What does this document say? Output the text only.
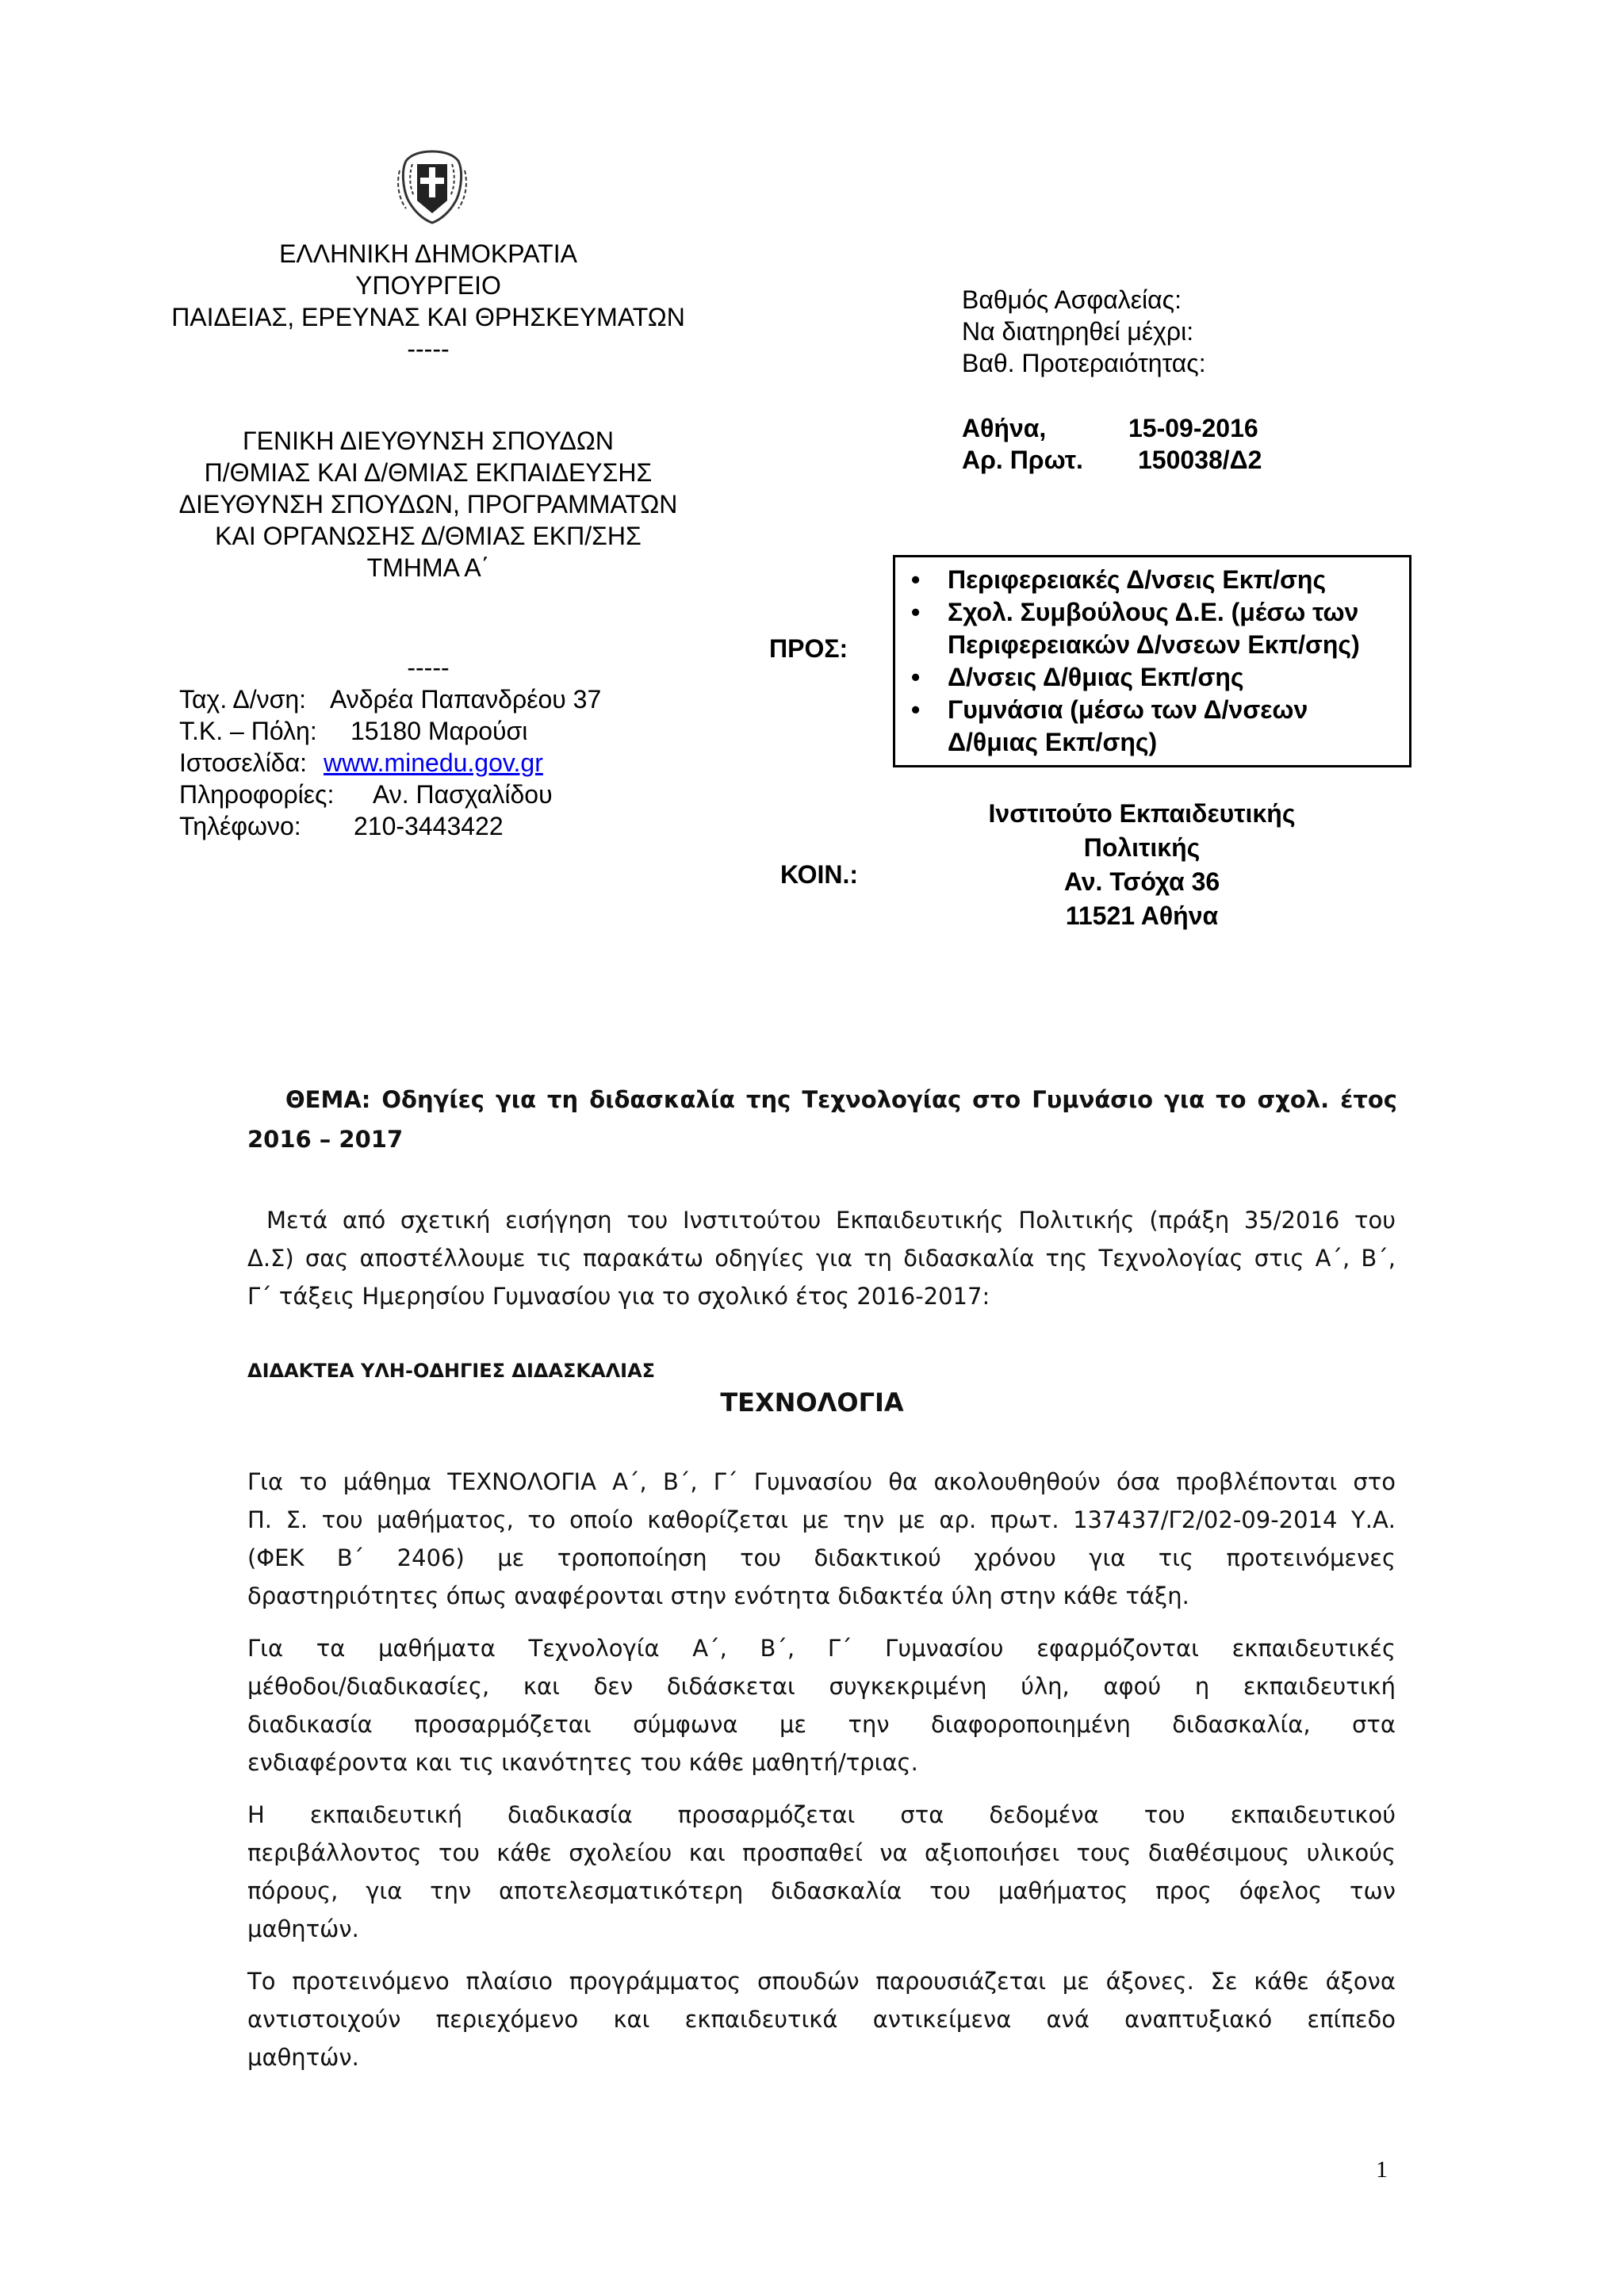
ΕΛΛΗΝΙΚΗ ΔΗΜΟΚΡΑΤΙΑ
ΥΠΟΥΡΓΕΙΟ
ΠΑΙΔΕΙΑΣ, ΕΡΕΥΝΑΣ ΚΑΙ ΘΡΗΣΚΕΥΜΑΤΩΝ
-----
ΓΕΝΙΚΗ ΔΙΕΥΘΥΝΣΗ ΣΠΟΥΔΩΝ
Π/ΘΜΙΑΣ ΚΑΙ Δ/ΘΜΙΑΣ ΕΚΠΑΙΔΕΥΣΗΣ
ΔΙΕΥΘΥΝΣΗ ΣΠΟΥΔΩΝ, ΠΡΟΓΡΑΜΜΑΤΩΝ
ΚΑΙ ΟΡΓΑΝΩΣΗΣ Δ/ΘΜΙΑΣ ΕΚΠ/ΣΗΣ
ΤΜΗΜΑ Α΄
-----
Ταχ. Δ/νση: Ανδρέα Παπανδρέου 37
Τ.Κ. – Πόλη: 15180 Μαρούσι
Ιστοσελίδα: www.minedu.gov.gr
Πληροφορίες: Αν. Πασχαλίδου
Τηλέφωνο: 210-3443422
Βαθμός Ασφαλείας:
Να διατηρηθεί μέχρι:
Βαθ. Προτεραιότητας:
Αθήνα,	15-09-2016
Αρ. Πρωτ. 150038/Δ2
ΠΡΟΣ:
• Περιφερειακές Δ/νσεις Εκπ/σης
• Σχολ. Συμβούλους Δ.Ε. (μέσω των
Περιφερειακών Δ/νσεων Εκπ/σης)
• Δ/νσεις Δ/θμιας Εκπ/σης
• Γυμνάσια (μέσω των Δ/νσεων
Δ/θμιας Εκπ/σης)
ΚΟΙΝ.:
Ινστιτούτο Εκπαιδευτικής
Πολιτικής
Αν. Τσόχα 36
11521 Αθήνα
ΘΕΜΑ: Οδηγίες για τη διδασκαλία της Τεχνολογίας στο Γυμνάσιο για το σχολ. έτος
2016 – 2017
Μετά από σχετική εισήγηση του Ινστιτούτου Εκπαιδευτικής Πολιτικής (πράξη 35/2016 του
Δ.Σ) σας αποστέλλουμε τις παρακάτω οδηγίες για τη διδασκαλία της Τεχνολογίας στις Α΄, Β΄,
Γ΄ τάξεις Ημερησίου Γυμνασίου για το σχολικό έτος 2016-2017:
ΔΙΔΑΚΤΕΑ ΥΛΗ-ΟΔΗΓΙΕΣ ΔΙΔΑΣΚΑΛΙΑΣ
ΤΕΧΝΟΛΟΓΙΑ
Για το μάθημα ΤΕΧΝΟΛΟΓΙΑ Α΄, Β΄, Γ΄ Γυμνασίου θα ακολουθηθούν όσα προβλέπονται στο
Π. Σ. του μαθήματος, το οποίο καθορίζεται με την με αρ. πρωτ. 137437/Γ2/02-09-2014 Υ.Α.
(ΦΕΚ Β΄ 2406) με τροποποίηση του διδακτικού χρόνου για τις προτεινόμενες
δραστηριότητες όπως αναφέρονται στην ενότητα διδακτέα ύλη στην κάθε τάξη.
Για τα μαθήματα Τεχνολογία Α΄, Β΄, Γ΄ Γυμνασίου εφαρμόζονται εκπαιδευτικές
μέθοδοι/διαδικασίες, και δεν διδάσκεται συγκεκριμένη ύλη, αφού η εκπαιδευτική
διαδικασία προσαρμόζεται σύμφωνα με την διαφοροποιημένη διδασκαλία, στα
ενδιαφέροντα και τις ικανότητες του κάθε μαθητή/τριας.
Η εκπαιδευτική διαδικασία προσαρμόζεται στα δεδομένα του εκπαιδευτικού
περιβάλλοντος του κάθε σχολείου και προσπαθεί να αξιοποιήσει τους διαθέσιμους υλικούς
πόρους, για την αποτελεσματικότερη διδασκαλία του μαθήματος προς όφελος των
μαθητών.
Το προτεινόμενο πλαίσιο προγράμματος σπουδών παρουσιάζεται με άξονες. Σε κάθε άξονα
αντιστοιχούν περιεχόμενο και εκπαιδευτικά αντικείμενα ανά αναπτυξιακό επίπεδο
μαθητών.
1
